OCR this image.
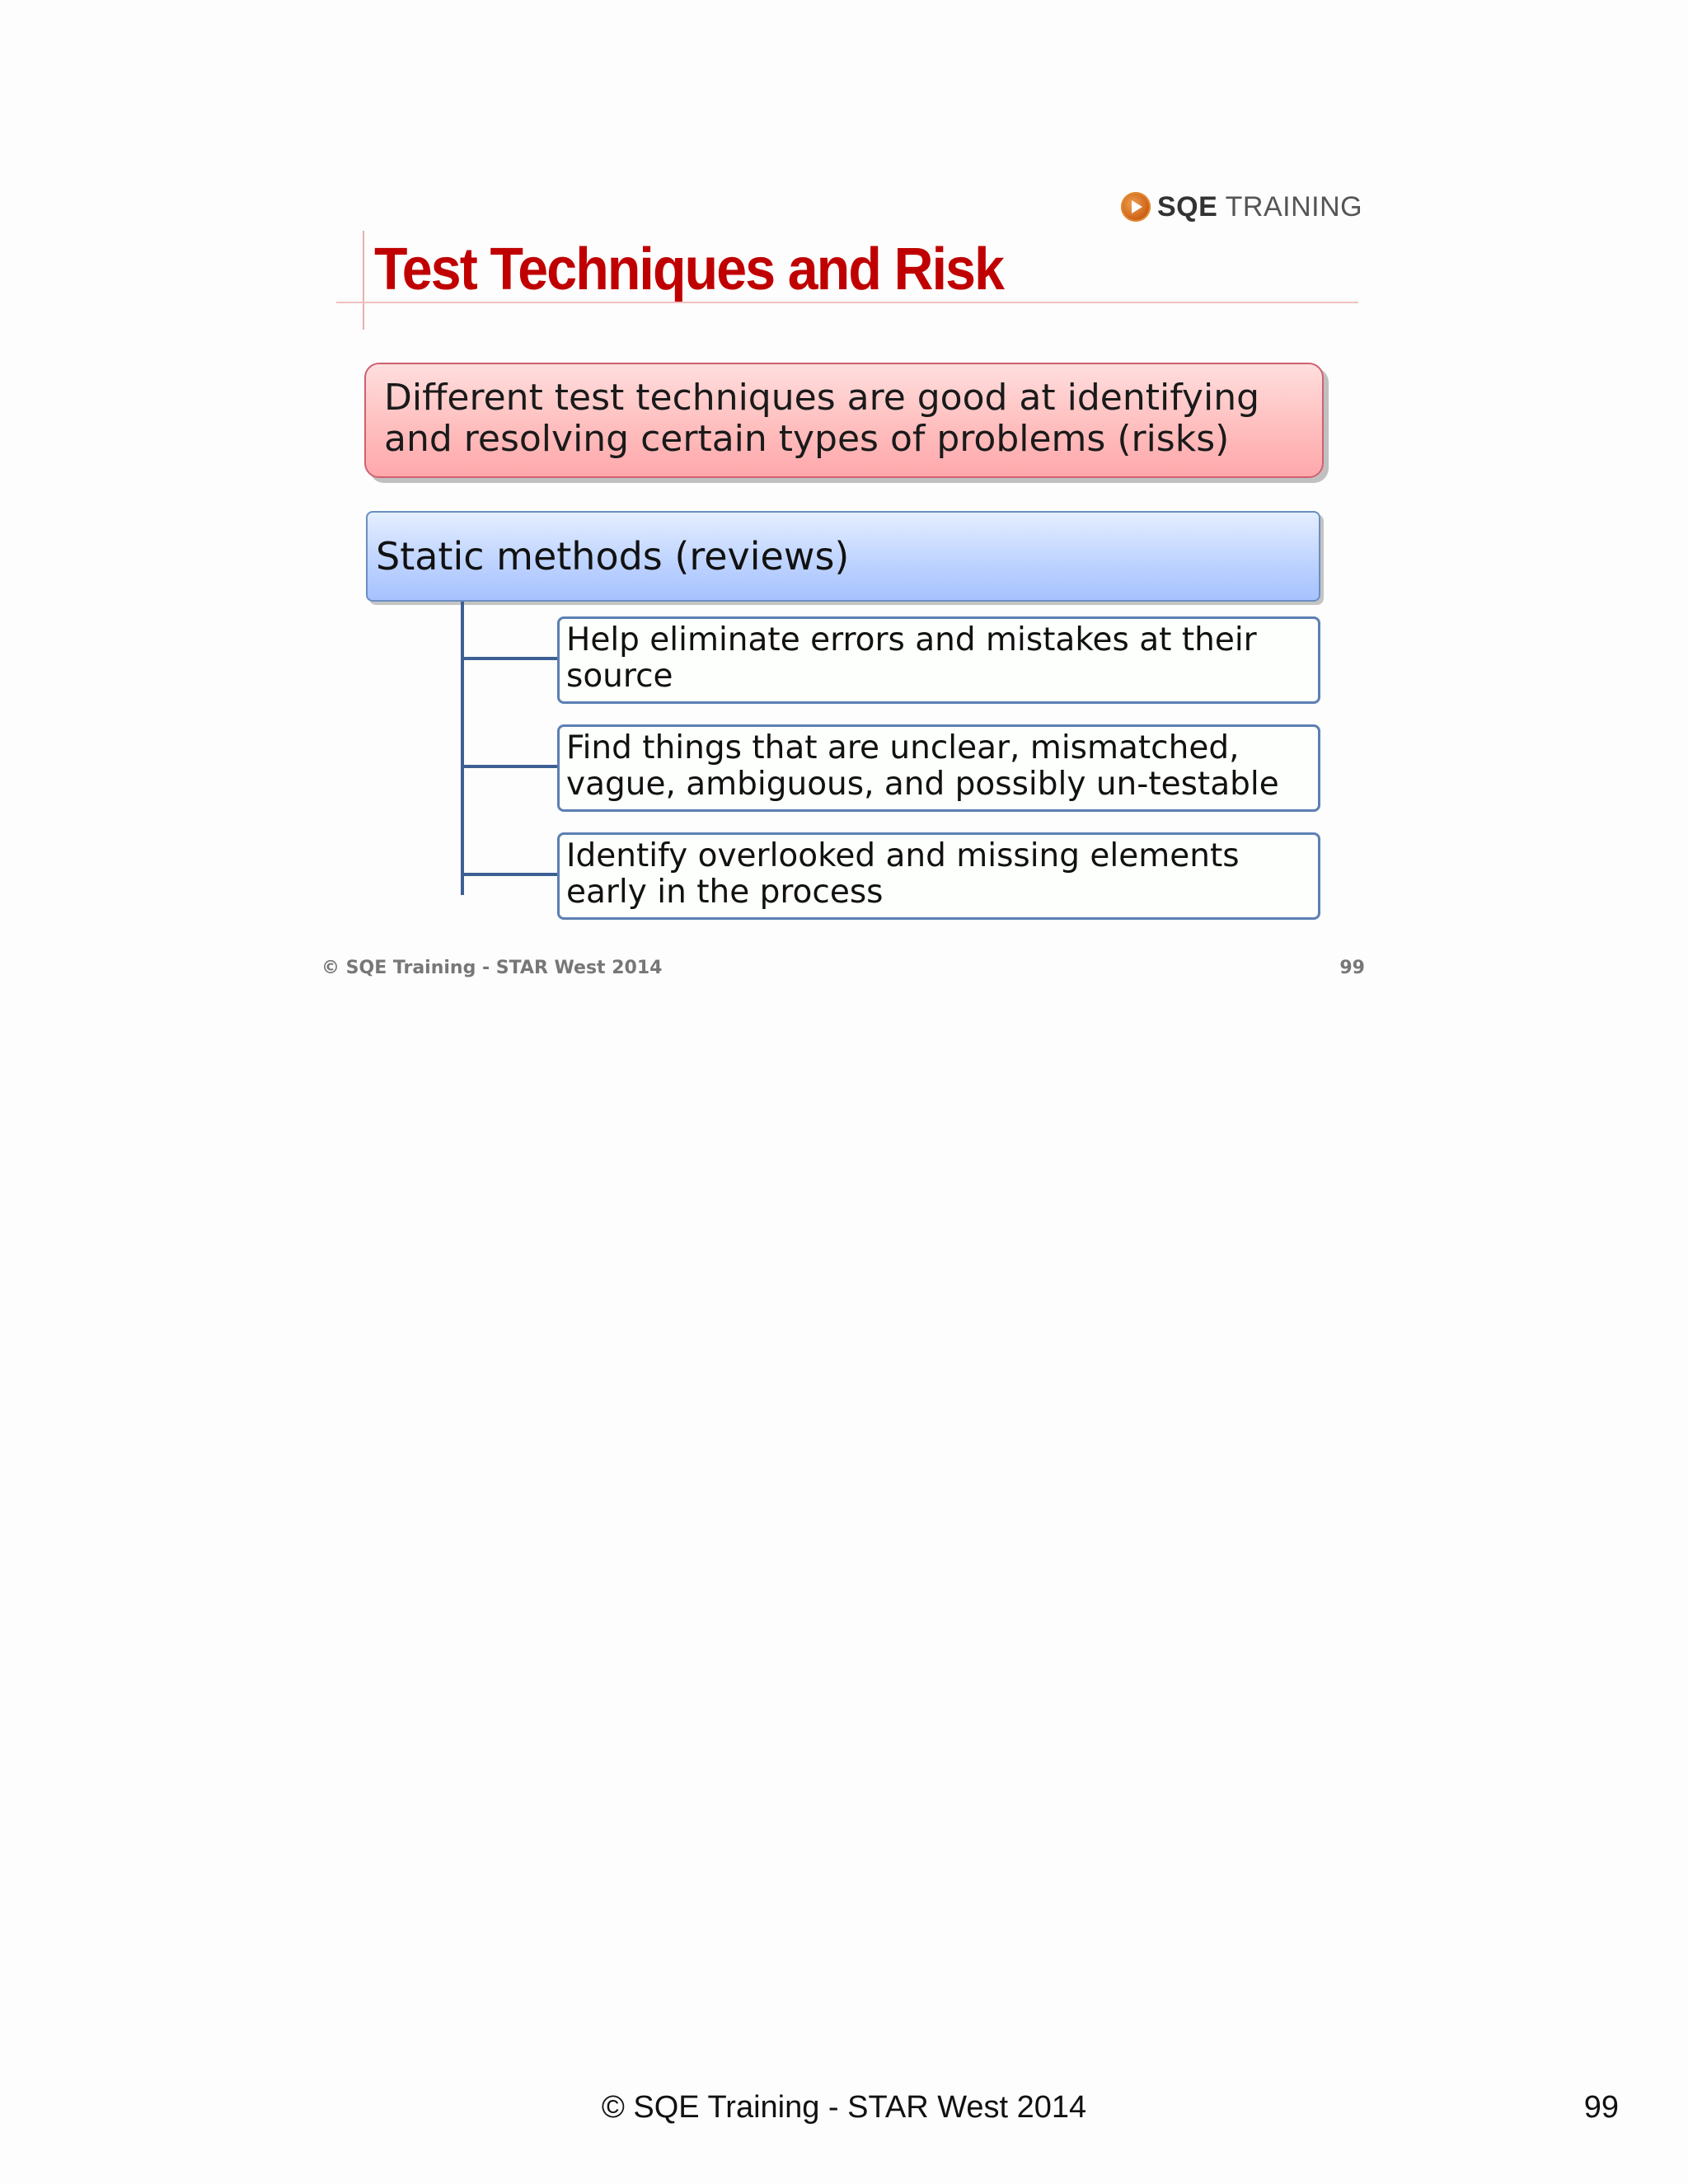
SQE TRAINING
Test Techniques and Risk
Different test techniques are good at identifying
and resolving certain types of problems (risks)
Static methods (reviews)
Help eliminate errors and mistakes at their
source
Find things that are unclear, mismatched,
vague, ambiguous, and possibly un-testable
Identify overlooked and missing elements
early in the process
© SQE Training - STAR West 2014	99
© SQE Training - STAR West 2014	99
